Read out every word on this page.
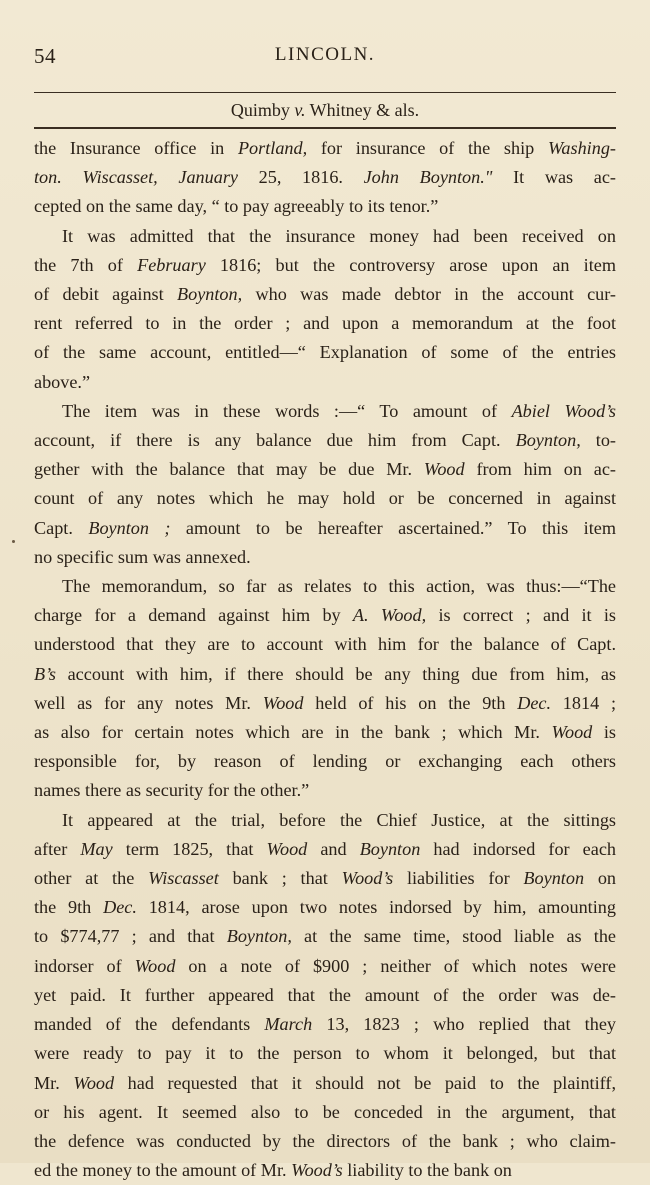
54	LINCOLN.
Quimby v. Whitney & als.

the Insurance office in Portland, for insurance of the ship Washing-
ton. Wiscasset, January 25, 1816. John Boynton." It was ac-
cepted on the same day, “ to pay agreeably to its tenor.”

It was admitted that the insurance money had been received on
the 7th of February 1816; but the controversy arose upon an item
of debit against Boynton, who was made debtor in the account cur-
rent referred to in the order ; and upon a memorandum at the foot
of the same account, entitled—“ Explanation of some of the entries
above.”

The item was in these words :—“ To amount of Abiel Wood’s
account, if there is any balance due him from Capt. Boynton, to-
gether with the balance that may be due Mr. Wood from him on ac-
count of any notes which he may hold or be concerned in against
Capt. Boynton ; amount to be hereafter ascertained.” To this item
no specific sum was annexed.

The memorandum, so far as relates to this action, was thus:—“The
charge for a demand against him by A. Wood, is correct ; and it is
understood that they are to account with him for the balance of Capt.
B’s account with him, if there should be any thing due from him, as
well as for any notes Mr. Wood held of his on the 9th Dec. 1814 ;
as also for certain notes which are in the bank ; which Mr. Wood is
responsible for, by reason of lending or exchanging each others
names there as security for the other.”

It appeared at the trial, before the Chief Justice, at the sittings
after May term 1825, that Wood and Boynton had indorsed for each
other at the Wiscasset bank ; that Wood’s liabilities for Boynton on
the 9th Dec. 1814, arose upon two notes indorsed by him, amounting
to $774,77 ; and that Boynton, at the same time, stood liable as the
indorser of Wood on a note of $900 ; neither of which notes were
yet paid. It further appeared that the amount of the order was de-
manded of the defendants March 13, 1823 ; who replied that they
were ready to pay it to the person to whom it belonged, but that
Mr. Wood had requested that it should not be paid to the plaintiff,
or his agent. It seemed also to be conceded in the argument, that
the defence was conducted by the directors of the bank ; who claim-
ed the money to the amount of Mr. Wood’s liability to the bank on
